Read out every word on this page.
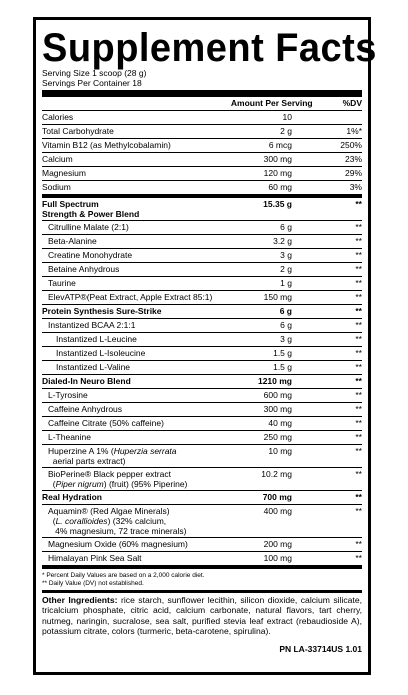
Supplement Facts
Serving Size 1 scoop (28 g)
Servings Per Container 18
Amount Per Serving	%DV
Calories	10
Total Carbohydrate	2 g	1%*
Vitamin B12 (as Methylcobalamin)	6 mcg	250%
Calcium	300 mg	23%
Magnesium	120 mg	29%
Sodium	60 mg	3%
Full Spectrum
Strength & Power Blend
15.35 g	**
Citrulline Malate (2:1)	6 g	**
Beta-Alanine	3.2 g	**
Creatine Monohydrate	3 g	**
Betaine Anhydrous	2 g	**
Taurine	1 g	**
ElevATP®(Peat Extract, Apple Extract 85:1)	150 mg	**
Protein Synthesis Sure-Strike	6 g	**
Instantized BCAA 2:1:1	6 g	**
Instantized L-Leucine	3 g	**
Instantized L-Isoleucine	1.5 g	**
Instantized L-Valine	1.5 g	**
Dialed-In Neuro Blend	1210 mg	**
L-Tyrosine	600 mg	**
Caffeine Anhydrous	300 mg	**
Caffeine Citrate (50% caffeine)	40 mg	**
L-Theanine	250 mg	**
Huperzine A 1% (Huperzia serrata
aerial parts extract)
10 mg	**
BioPerine® Black pepper extract
(Piper nigrum) (fruit) (95% Piperine)
10.2 mg	**
Real Hydration	700 mg	**
Aquamin® (Red Algae Minerals)
(L. corallioides) (32% calcium,
4% magnesium, 72 trace minerals)
400 mg	**
Magnesium Oxide (60% magnesium)	200 mg	**
Himalayan Pink Sea Salt	100 mg	**
* Percent Daily Values are based on a 2,000 calorie diet.
** Daily Value (DV) not established.
Other Ingredients: rice starch, sunflower lecithin, silicon dioxide, calcium silicate, tricalcium phosphate, citric acid, calcium carbonate, natural flavors, tart cherry, nutmeg, naringin, sucralose, sea salt, purified stevia leaf extract (rebaudioside A), potassium citrate, colors (turmeric, beta-carotene, spirulina).
PN LA-33714US 1.01
